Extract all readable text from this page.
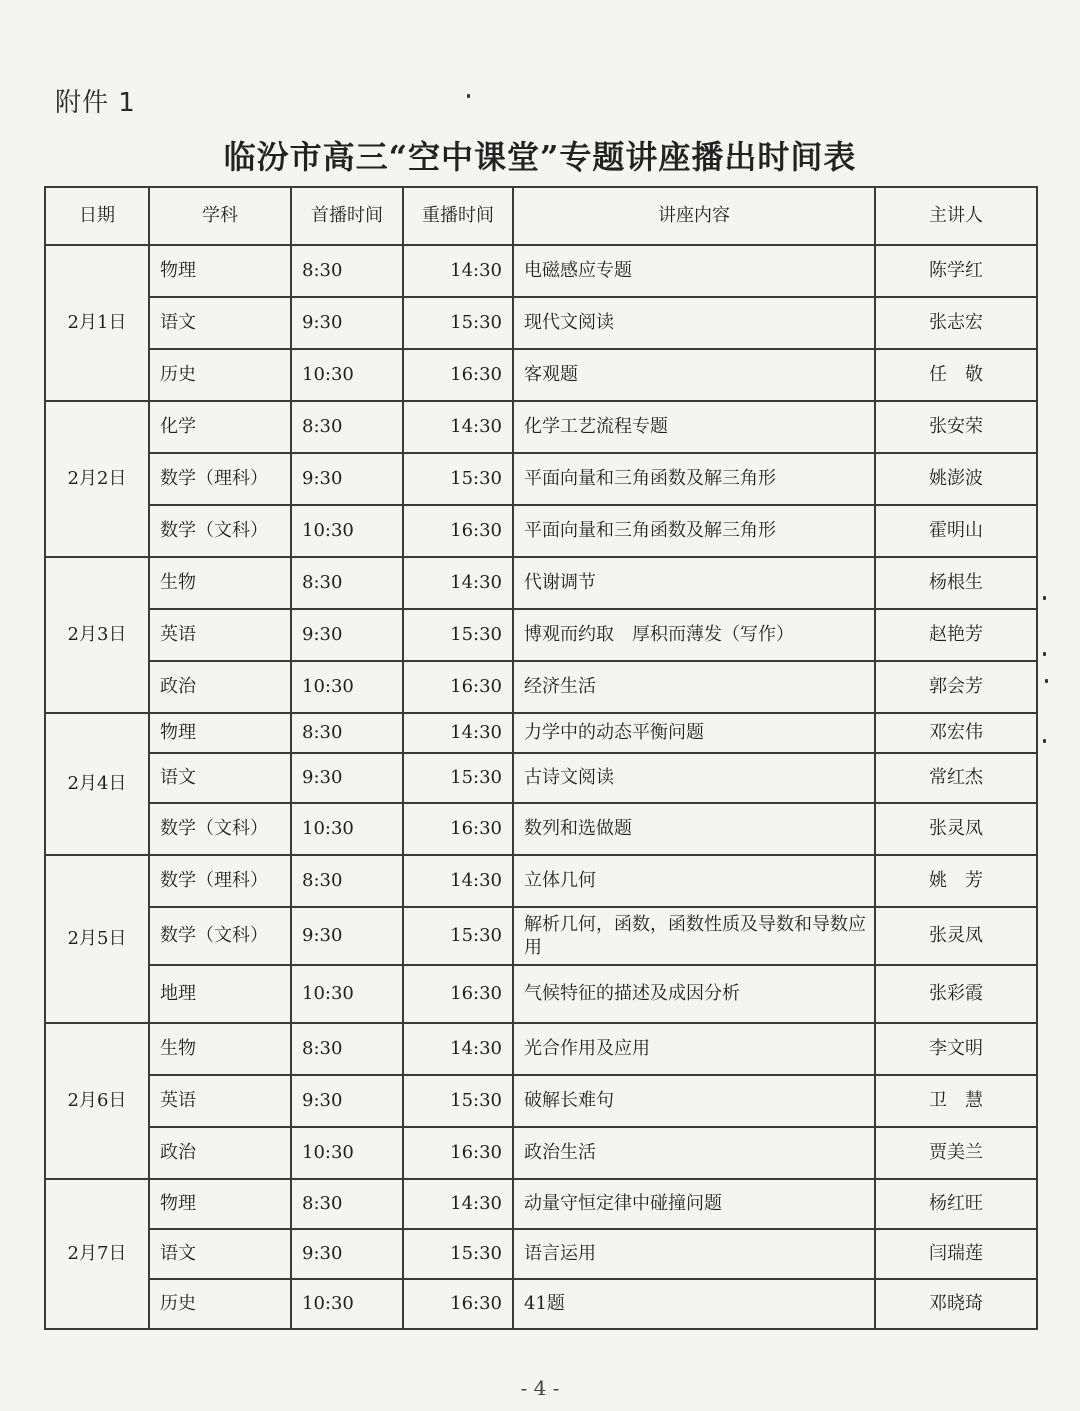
附件 1
临汾市高三“空中课堂”专题讲座播出时间表
日期	学科	首播时间	重播时间	讲座内容	主讲人
2月1日	物理	8:30	14:30	电磁感应专题	陈学红
	语文	9:30	15:30	现代文阅读	张志宏
	历史	10:30	16:30	客观题	任　敬
2月2日	化学	8:30	14:30	化学工艺流程专题	张安荣
	数学（理科）	9:30	15:30	平面向量和三角函数及解三角形	姚澎波
	数学（文科）	10:30	16:30	平面向量和三角函数及解三角形	霍明山
2月3日	生物	8:30	14:30	代谢调节	杨根生
	英语	9:30	15:30	博观而约取　厚积而薄发（写作）	赵艳芳
	政治	10:30	16:30	经济生活	郭会芳
2月4日	物理	8:30	14:30	力学中的动态平衡问题	邓宏伟
	语文	9:30	15:30	古诗文阅读	常红杰
	数学（文科）	10:30	16:30	数列和选做题	张灵凤
2月5日	数学（理科）	8:30	14:30	立体几何	姚　芳
	数学（文科）	9:30	15:30	解析几何，函数，函数性质及导数和导数应用	张灵凤
	地理	10:30	16:30	气候特征的描述及成因分析	张彩霞
2月6日	生物	8:30	14:30	光合作用及应用	李文明
	英语	9:30	15:30	破解长难句	卫　慧
	政治	10:30	16:30	政治生活	贾美兰
2月7日	物理	8:30	14:30	动量守恒定律中碰撞问题	杨红旺
	语文	9:30	15:30	语言运用	闫瑞莲
	历史	10:30	16:30	41题	邓晓琦
- 4 -
